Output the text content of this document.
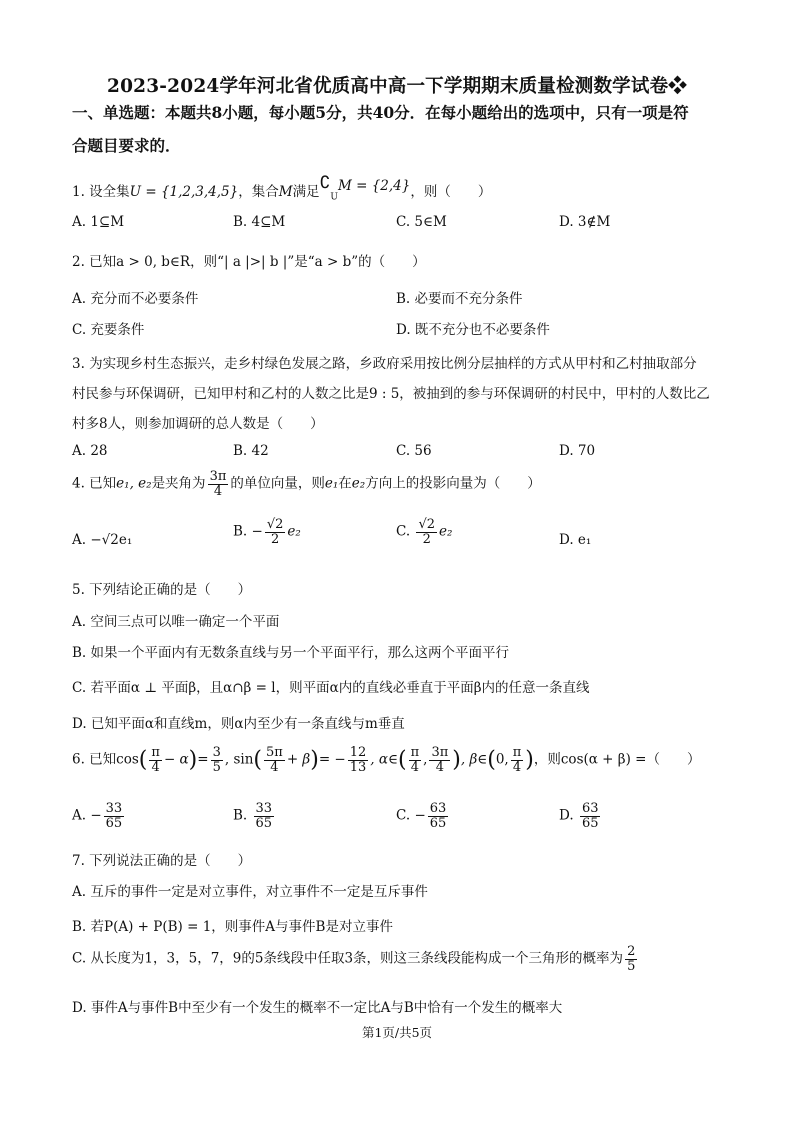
2023-2024学年河北省优质高中高一下学期期末质量检测数学试卷❖
一、单选题：本题共8小题，每小题5分，共40分．在每小题给出的选项中，只有一项是符
合题目要求的．
1. 设全集U = {1,2,3,4,5}，集合M满足$∁_UM = \{2,4\}$，则（　　）
A. 1⊆M	B. 4⊆M	C. 5∈M	D. 3∉M
2. 已知a > 0, b∈R，则“| a |>| b |”是“a > b”的（　　）
A. 充分而不必要条件	B. 必要而不充分条件
C. 充要条件	D. 既不充分也不必要条件
3. 为实现乡村生态振兴，走乡村绿色发展之路，乡政府采用按比例分层抽样的方式从甲村和乙村抽取部分
村民参与环保调研，已知甲村和乙村的人数之比是9 : 5，被抽到的参与环保调研的村民中，甲村的人数比乙
村多8人，则参加调研的总人数是（　　）
A. 28	B. 42	C. 56	D. 70
4. 已知e₁, e₂是夹角为 $\frac{3\pi}{4}$ 的单位向量，则e₁在e₂方向上的投影向量为（　　）
A. −√2e₁
B. − $\frac{√2}{2} e_2$	C. $\frac{√2}{2} e_2$
D. e₁
5. 下列结论正确的是（　　）
A. 空间三点可以唯一确定一个平面
B. 如果一个平面内有无数条直线与另一个平面平行，那么这两个平面平行
C. 若平面α ⊥ 平面β，且α∩β = l，则平面α内的直线必垂直于平面β内的任意一条直线
D. 已知平面α和直线m，则α内至少有一条直线与m垂直
6. 已知$\cos( \frac{\pi}{4} - \alpha)= \frac{3}{5}$ , $\sin( \frac{5\pi}{4} + \beta)= - \frac{12}{13}$ , α∈( $\frac{\pi}{4}$ , $\frac{3\pi}{4}$ ), β∈(0, $\frac{\pi}{4}$ )，则cos(α + β) =（　　）
A. − $\frac{33}{65}$	B. $\frac{33}{65}$	C. − $\frac{63}{65}$	D. $\frac{63}{65}$
7. 下列说法正确的是（　　）
A. 互斥的事件一定是对立事件，对立事件不一定是互斥事件
B. 若P(A) + P(B) = 1，则事件A与事件B是对立事件
C. 从长度为1，3，5，7，9的5条线段中任取3条，则这三条线段能构成一个三角形的概率为 $\frac{2}{5}$
D. 事件A与事件B中至少有一个发生的概率不一定比A与B中恰有一个发生的概率大
第1页/共5页
